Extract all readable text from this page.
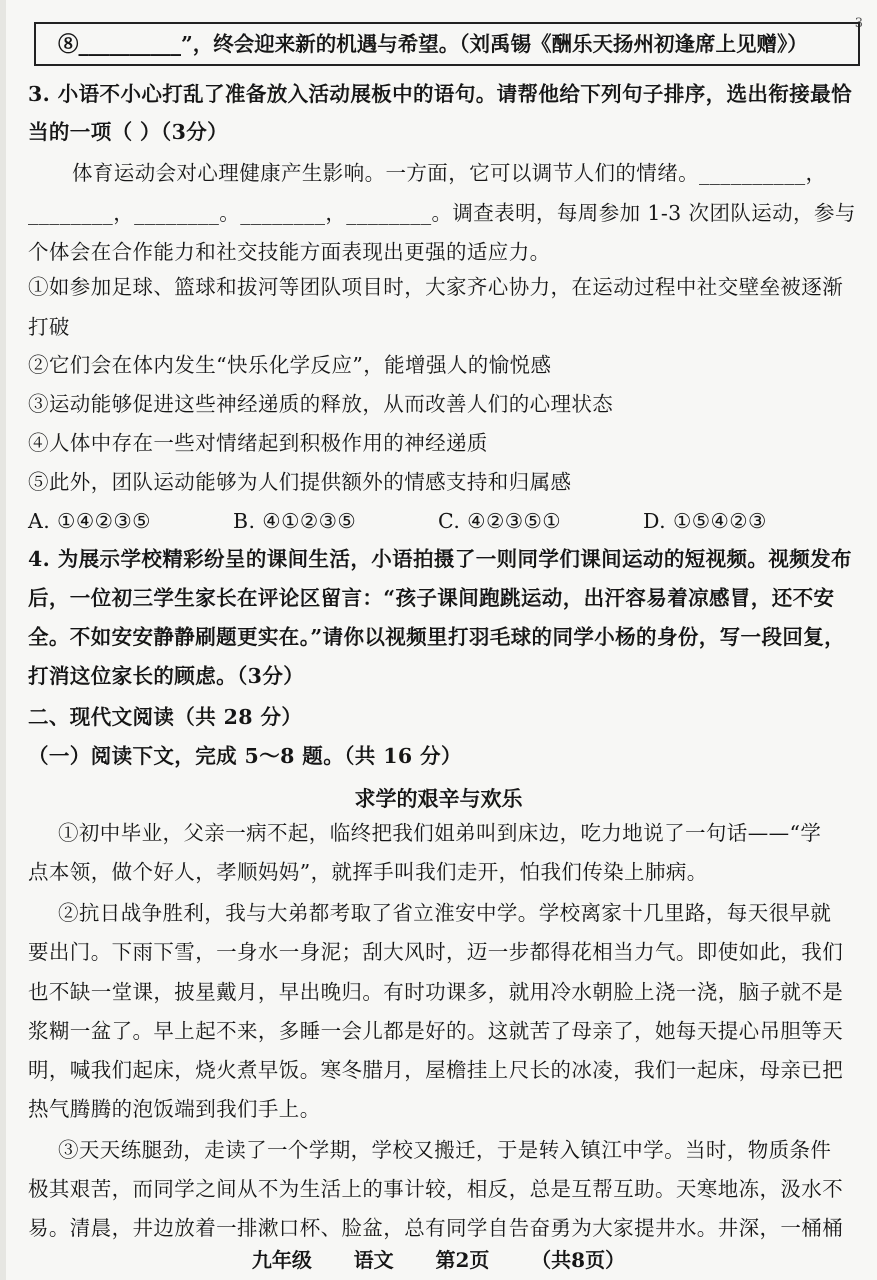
3
⑧__________”，终会迎来新的机遇与希望。（刘禹锡《酬乐天扬州初逢席上见赠》）
3. 小语不小心打乱了准备放入活动展板中的语句。请帮他给下列句子排序，选出衔接最恰
当的一项（ ）（3分）
体育运动会对心理健康产生影响。一方面，它可以调节人们的情绪。__________，
________，________。________，________。调查表明，每周参加 1-3 次团队运动，参与
个体会在合作能力和社交技能方面表现出更强的适应力。
①如参加足球、篮球和拔河等团队项目时，大家齐心协力，在运动过程中社交壁垒被逐渐
打破
②它们会在体内发生“快乐化学反应”，能增强人的愉悦感
③运动能够促进这些神经递质的释放，从而改善人们的心理状态
④人体中存在一些对情绪起到积极作用的神经递质
⑤此外，团队运动能够为人们提供额外的情感支持和归属感
A. ①④②③⑤	B. ④①②③⑤	C. ④②③⑤①	D. ①⑤④②③
4. 为展示学校精彩纷呈的课间生活，小语拍摄了一则同学们课间运动的短视频。视频发布
后，一位初三学生家长在评论区留言：“孩子课间跑跳运动，出汗容易着凉感冒，还不安
全。不如安安静静刷题更实在。”请你以视频里打羽毛球的同学小杨的身份，写一段回复，
打消这位家长的顾虑。（3分）
二、现代文阅读（共 28 分）
（一）阅读下文，完成 5～8 题。（共 16 分）
求学的艰辛与欢乐
①初中毕业，父亲一病不起，临终把我们姐弟叫到床边，吃力地说了一句话——“学
点本领，做个好人，孝顺妈妈”，就挥手叫我们走开，怕我们传染上肺病。
②抗日战争胜利，我与大弟都考取了省立淮安中学。学校离家十几里路，每天很早就
要出门。下雨下雪，一身水一身泥；刮大风时，迈一步都得花相当力气。即使如此，我们
也不缺一堂课，披星戴月，早出晚归。有时功课多，就用冷水朝脸上浇一浇，脑子就不是
浆糊一盆了。早上起不来，多睡一会儿都是好的。这就苦了母亲了，她每天提心吊胆等天
明，喊我们起床，烧火煮早饭。寒冬腊月，屋檐挂上尺长的冰凌，我们一起床，母亲已把
热气腾腾的泡饭端到我们手上。
③天天练腿劲，走读了一个学期，学校又搬迁，于是转入镇江中学。当时，物质条件
极其艰苦，而同学之间从不为生活上的事计较，相反，总是互帮互助。天寒地冻，汲水不
易。清晨，井边放着一排漱口杯、脸盆，总有同学自告奋勇为大家提井水。井深，一桶桶
九年级      语文      第2页      （共8页）
